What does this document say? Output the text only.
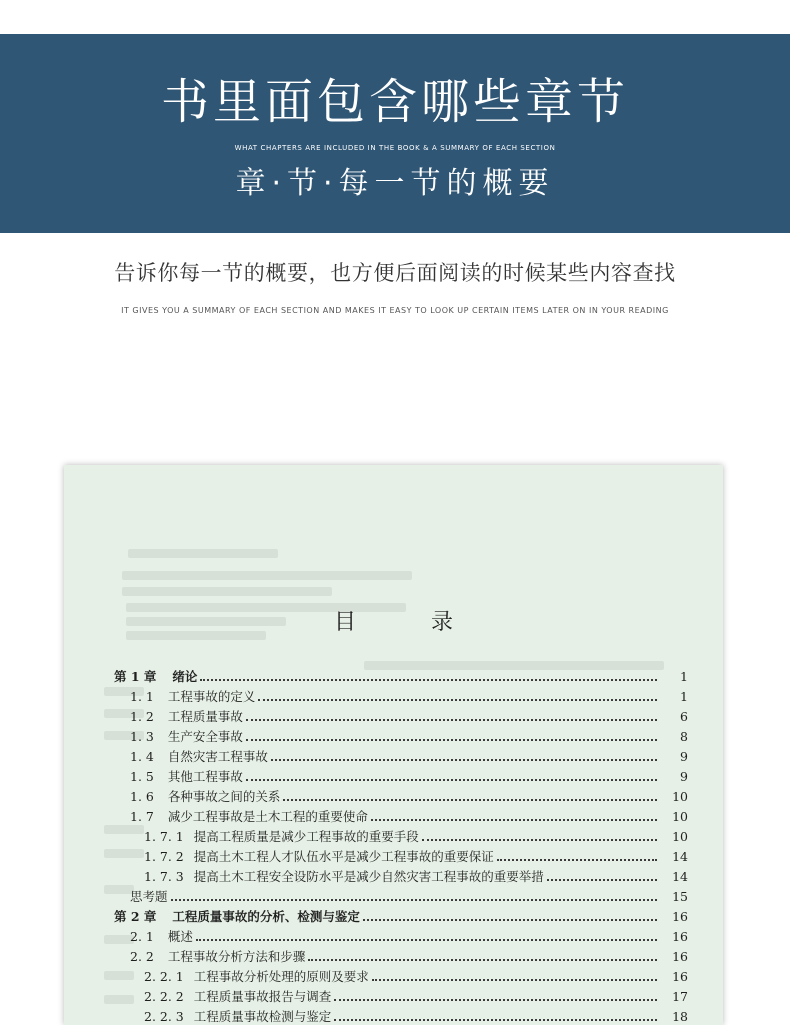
书里面包含哪些章节
WHAT CHAPTERS ARE INCLUDED IN THE BOOK & A SUMMARY OF EACH SECTION
章·节·每一节的概要
告诉你每一节的概要，也方便后面阅读的时候某些内容查找
IT GIVES YOU A SUMMARY OF EACH SECTION AND MAKES IT EASY TO LOOK UP CERTAIN ITEMS LATER ON IN YOUR READING
目 录
第 1 章 绪论	1
1. 1 工程事故的定义	1
1. 2 工程质量事故	6
1. 3 生产安全事故	8
1. 4 自然灾害工程事故	9
1. 5 其他工程事故	9
1. 6 各种事故之间的关系	10
1. 7 减少工程事故是土木工程的重要使命	10
1. 7. 1 提高工程质量是减少工程事故的重要手段	10
1. 7. 2 提高土木工程人才队伍水平是减少工程事故的重要保证	14
1. 7. 3 提高土木工程安全设防水平是减少自然灾害工程事故的重要举措	14
思考题	15
第 2 章 工程质量事故的分析、检测与鉴定	16
2. 1 概述	16
2. 2 工程事故分析方法和步骤	16
2. 2. 1 工程事故分析处理的原则及要求	16
2. 2. 2 工程质量事故报告与调查	17
2. 2. 3 工程质量事故检测与鉴定	18
